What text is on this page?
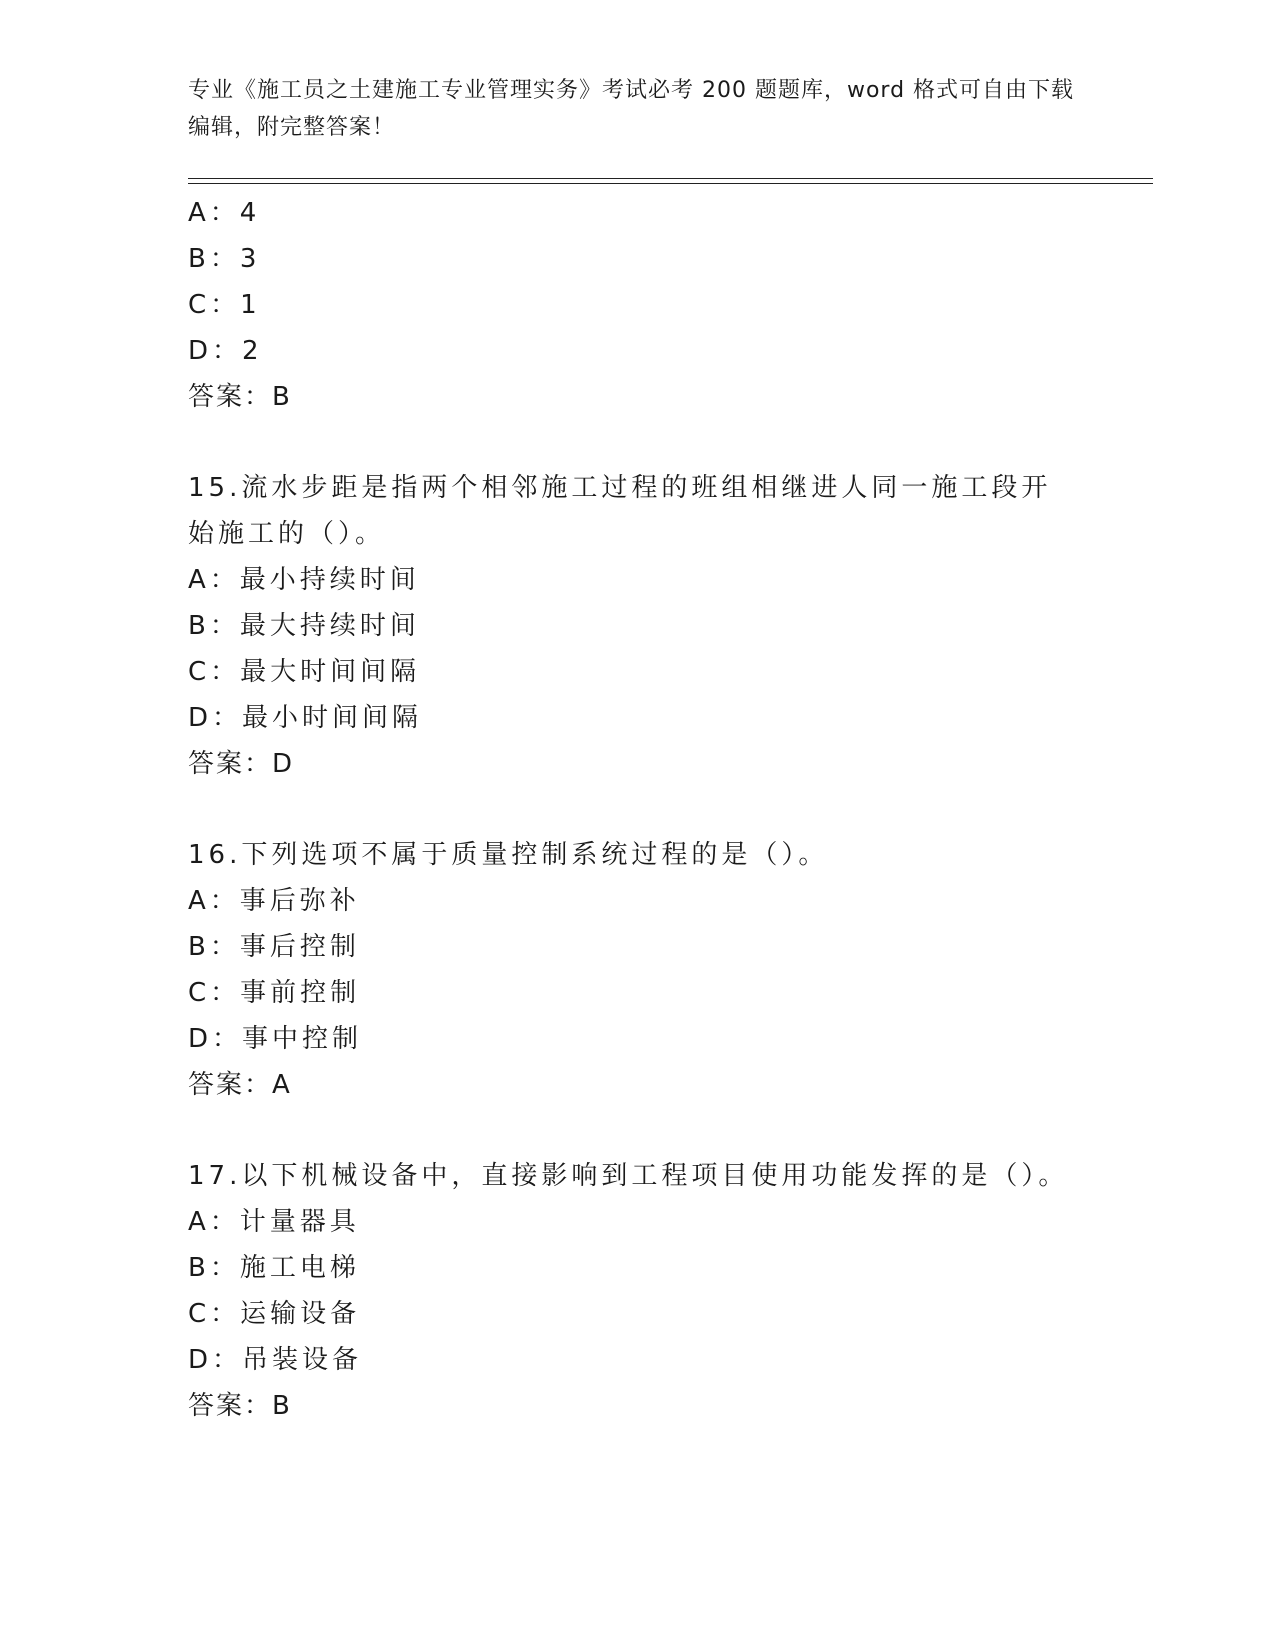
专业《施工员之土建施工专业管理实务》考试必考 200 题题库，word 格式可自由下载编辑，附完整答案！
A：4
B：3
C：1
D：2
答案：B
15.流水步距是指两个相邻施工过程的班组相继进人同一施工段开始施工的（）。
A：最小持续时间
B：最大持续时间
C：最大时间间隔
D：最小时间间隔
答案：D
16.下列选项不属于质量控制系统过程的是（）。
A：事后弥补
B：事后控制
C：事前控制
D：事中控制
答案：A
17.以下机械设备中，直接影响到工程项目使用功能发挥的是（）。
A：计量器具
B：施工电梯
C：运输设备
D：吊装设备
答案：B
